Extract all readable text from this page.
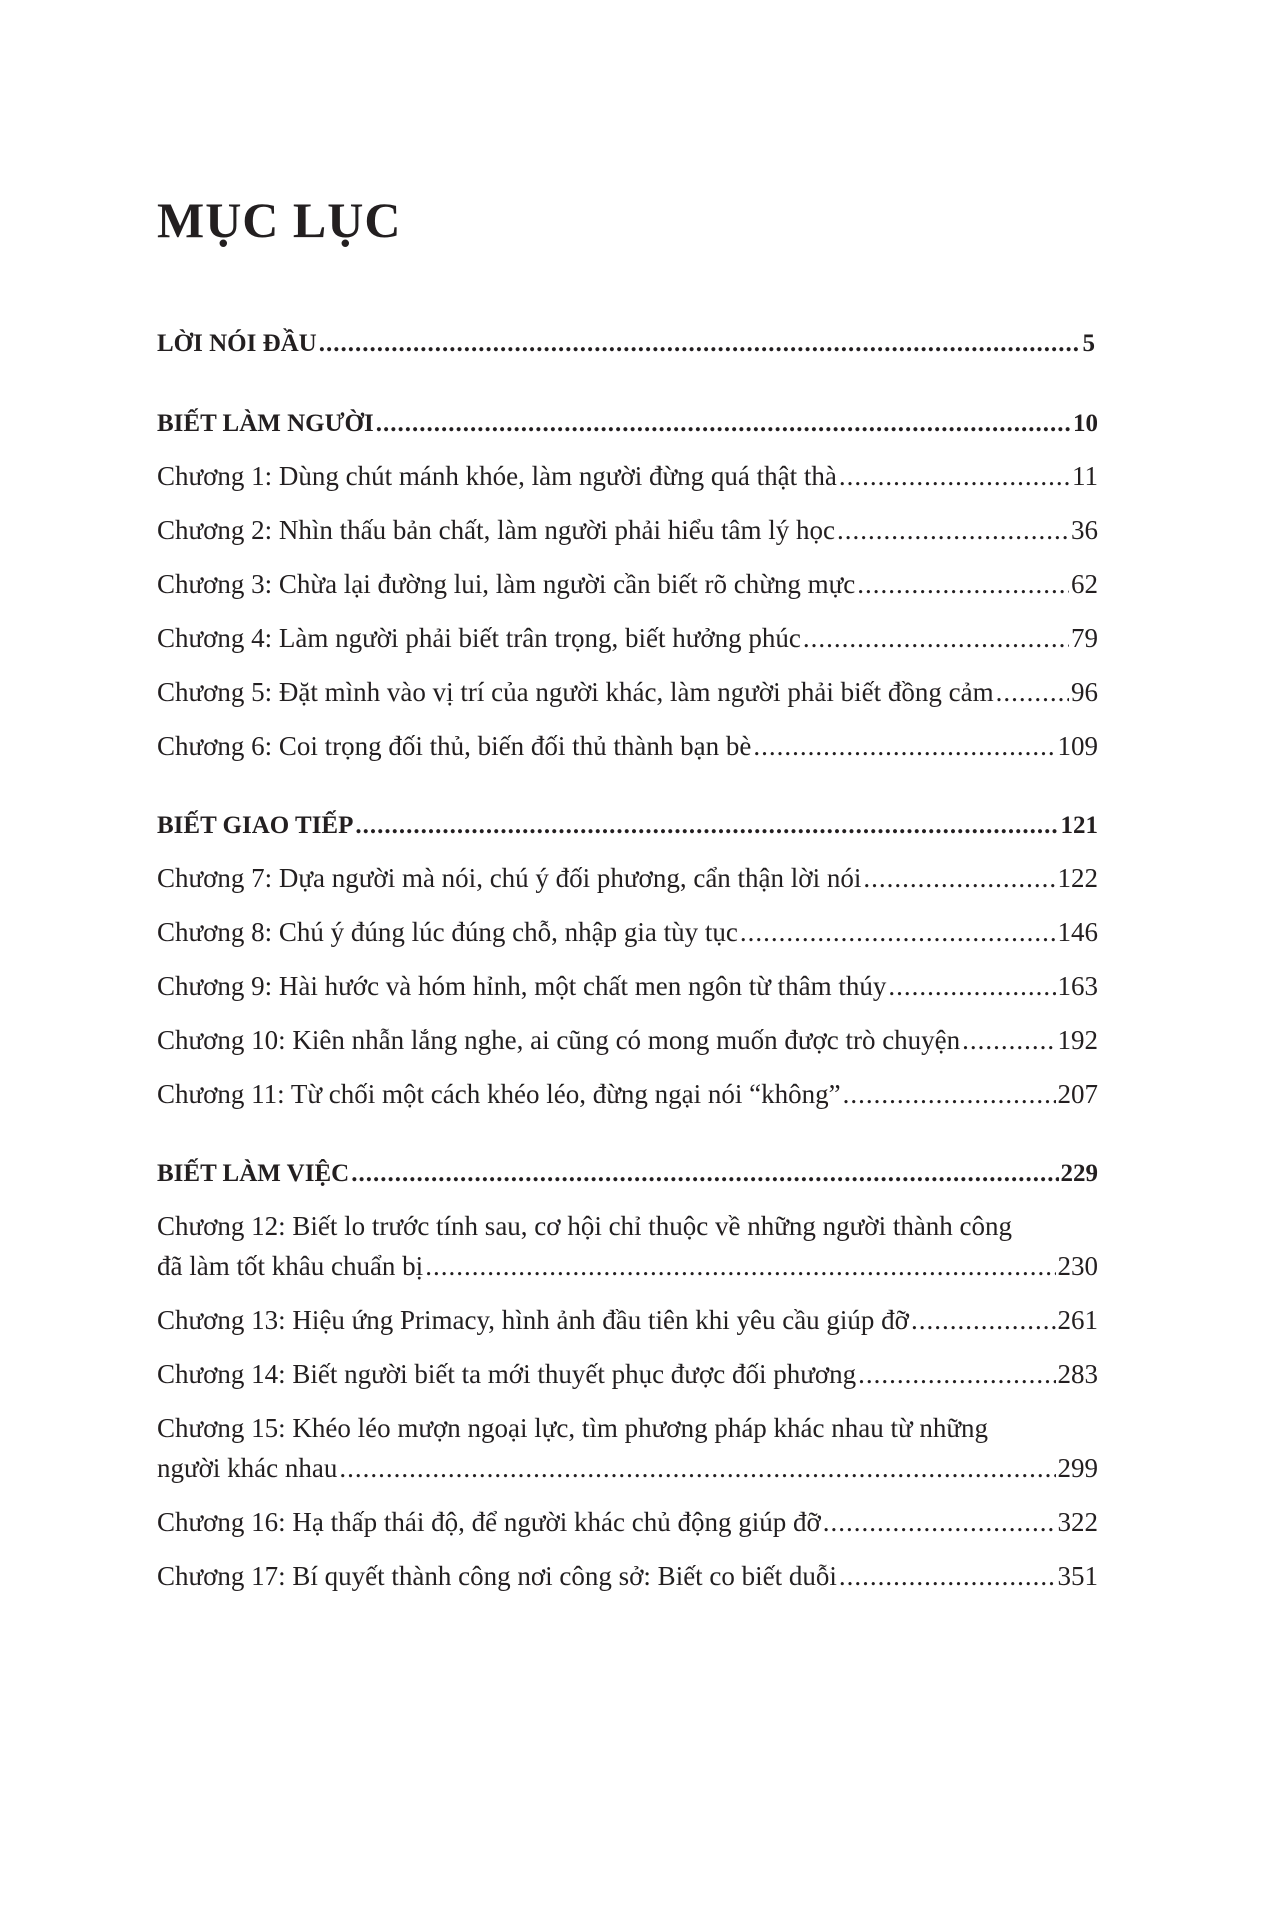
MỤC LỤC
LỜI NÓI ĐẦU .....	5
BIẾT LÀM NGƯỜI .....	10
Chương 1: Dùng chút mánh khóe, làm người đừng quá thật thà .....	11
Chương 2: Nhìn thấu bản chất, làm người phải hiểu tâm lý học .....	36
Chương 3: Chừa lại đường lui, làm người cần biết rõ chừng mực .....	62
Chương 4: Làm người phải biết trân trọng, biết hưởng phúc .....	79
Chương 5: Đặt mình vào vị trí của người khác, làm người phải biết đồng cảm .....	96
Chương 6: Coi trọng đối thủ, biến đối thủ thành bạn bè .....	109
BIẾT GIAO TIẾP .....	121
Chương 7: Dựa người mà nói, chú ý đối phương, cẩn thận lời nói .....	122
Chương 8: Chú ý đúng lúc đúng chỗ, nhập gia tùy tục .....	146
Chương 9: Hài hước và hóm hỉnh, một chất men ngôn từ thâm thúy .....	163
Chương 10: Kiên nhẫn lắng nghe, ai cũng có mong muốn được trò chuyện .....	192
Chương 11: Từ chối một cách khéo léo, đừng ngại nói “không” .....	207
BIẾT LÀM VIỆC .....	229
Chương 12: Biết lo trước tính sau, cơ hội chỉ thuộc về những người thành công
đã làm tốt khâu chuẩn bị .....	230
Chương 13: Hiệu ứng Primacy, hình ảnh đầu tiên khi yêu cầu giúp đỡ .....	261
Chương 14: Biết người biết ta mới thuyết phục được đối phương .....	283
Chương 15: Khéo léo mượn ngoại lực, tìm phương pháp khác nhau từ những
người khác nhau .....	299
Chương 16: Hạ thấp thái độ, để người khác chủ động giúp đỡ .....	322
Chương 17: Bí quyết thành công nơi công sở: Biết co biết duỗi .....	351
